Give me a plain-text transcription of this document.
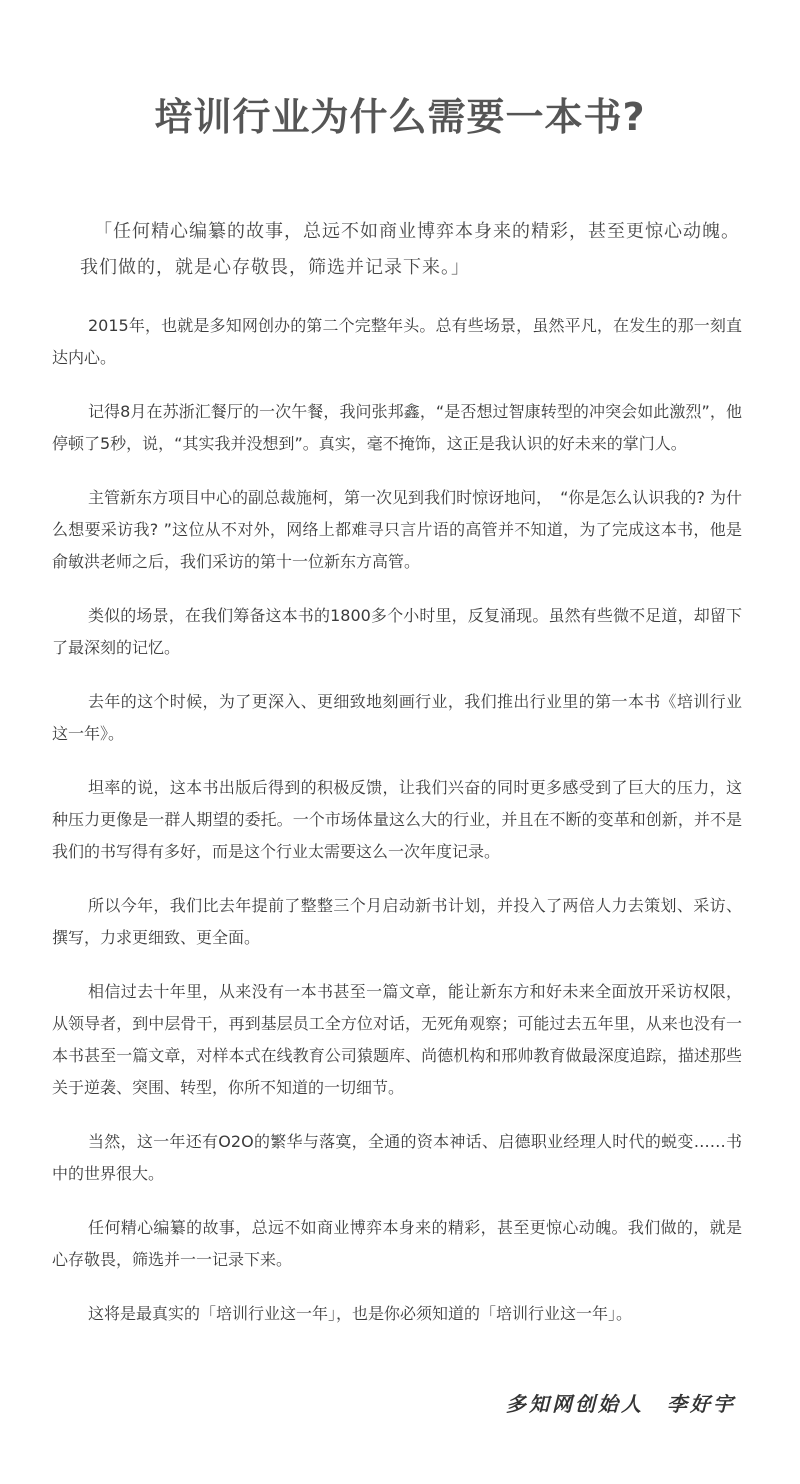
培训行业为什么需要一本书?

「任何精心编纂的故事，总远不如商业博弈本身来的精彩，甚至更惊心动魄。我们做的，就是心存敬畏，筛选并记录下来。」

2015年，也就是多知网创办的第二个完整年头。总有些场景，虽然平凡，在发生的那一刻直达内心。

记得8月在苏浙汇餐厅的一次午餐，我问张邦鑫，“是否想过智康转型的冲突会如此激烈”，他停顿了5秒，说，“其实我并没想到”。真实，毫不掩饰，这正是我认识的好未来的掌门人。

主管新东方项目中心的副总裁施柯，第一次见到我们时惊讶地问，　“你是怎么认识我的? 为什么想要采访我? ”这位从不对外，网络上都难寻只言片语的高管并不知道，为了完成这本书，他是俞敏洪老师之后，我们采访的第十一位新东方高管。

类似的场景，在我们筹备这本书的1800多个小时里，反复涌现。虽然有些微不足道，却留下了最深刻的记忆。

去年的这个时候，为了更深入、更细致地刻画行业，我们推出行业里的第一本书《培训行业这一年》。

坦率的说，这本书出版后得到的积极反馈，让我们兴奋的同时更多感受到了巨大的压力，这种压力更像是一群人期望的委托。一个市场体量这么大的行业，并且在不断的变革和创新，并不是我们的书写得有多好，而是这个行业太需要这么一次年度记录。

所以今年，我们比去年提前了整整三个月启动新书计划，并投入了两倍人力去策划、采访、撰写，力求更细致、更全面。

相信过去十年里，从来没有一本书甚至一篇文章，能让新东方和好未来全面放开采访权限，从领导者，到中层骨干，再到基层员工全方位对话，无死角观察；可能过去五年里，从来也没有一本书甚至一篇文章，对样本式在线教育公司猿题库、尚德机构和邢帅教育做最深度追踪，描述那些关于逆袭、突围、转型，你所不知道的一切细节。

当然，这一年还有O2O的繁华与落寞，全通的资本神话、启德职业经理人时代的蜕变……书中的世界很大。

任何精心编纂的故事，总远不如商业博弈本身来的精彩，甚至更惊心动魄。我们做的，就是心存敬畏，筛选并一一记录下来。

这将是最真实的「培训行业这一年」，也是你必须知道的「培训行业这一年」。

多知网创始人　李好宇
